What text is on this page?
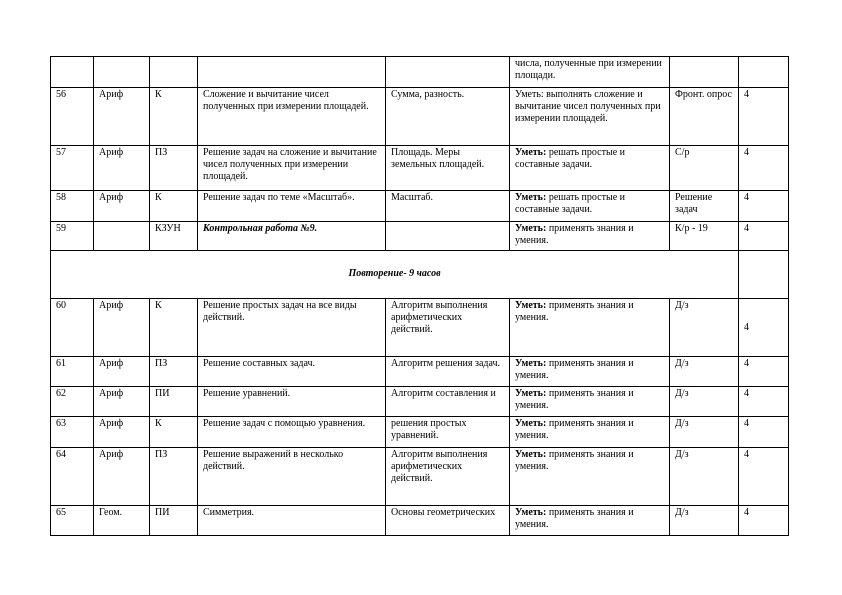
					числа, полученные при измерении площади.		
56	Ариф	К	Сложение и вычитание чисел полученных при измерении площадей.	Сумма, разность.	Уметь: выполнять сложение и вычитание чисел полученных при измерении площадей.	Фронт. опрос	4
57	Ариф	ПЗ	Решение задач на сложение и вычитание чисел полученных при измерении площадей.	Площадь. Меры земельных площадей.	Уметь: решать простые и составные задачи.	С/р	4
58	Ариф	К	Решение задач по теме «Масштаб».	Масштаб.	Уметь: решать простые и составные задачи.	Решение задач	4
59		КЗУН	Контрольная работа №9.		Уметь: применять знания и умения.	К/р - 19	4
Повторение- 9 часов							
60	Ариф	К	Решение простых задач на все виды действий.	Алгоритм выполнения арифметических действий.	Уметь: применять знания и умения.	Д/з	4
61	Ариф	ПЗ	Решение составных задач.	Алгоритм решения задач.	Уметь: применять знания и умения.	Д/з	4
62	Ариф	ПИ	Решение уравнений.	Алгоритм составления и	Уметь: применять знания и умения.	Д/з	4
63	Ариф	К	Решение задач с помощью уравнения.	решения простых уравнений.	Уметь: применять знания и умения.	Д/з	4
64	Ариф	ПЗ	Решение выражений в несколько действий.	Алгоритм выполнения арифметических действий.	Уметь: применять знания и умения.	Д/з	4
65	Геом.	ПИ	Симметрия.	Основы геометрических	Уметь: применять знания и умения.	Д/з	4
